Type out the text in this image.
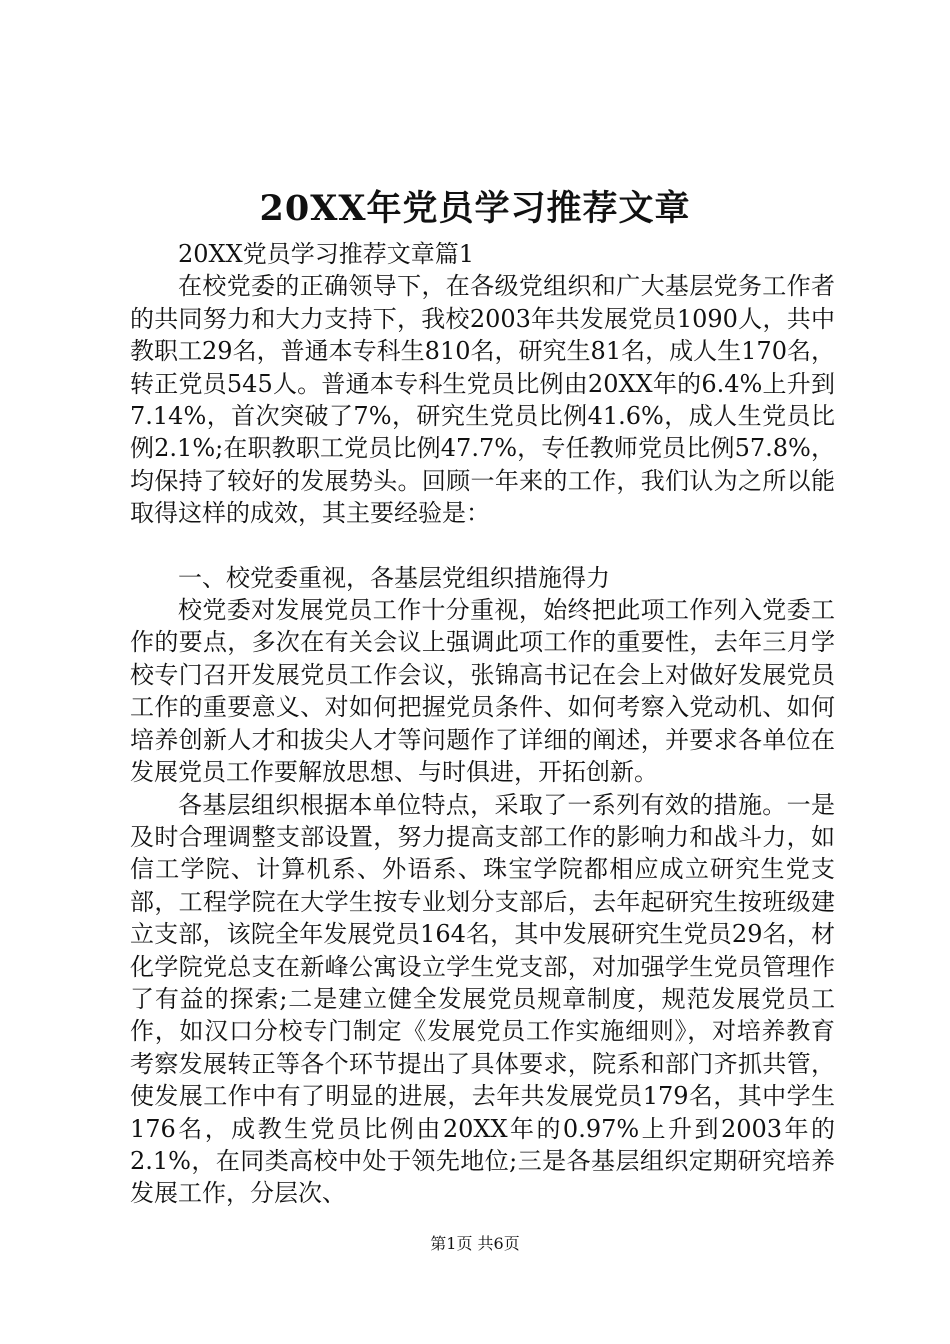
20XX年党员学习推荐文章

20XX党员学习推荐文章篇1

在校党委的正确领导下，在各级党组织和广大基层党务工作者的共同努力和大力支持下，我校2003年共发展党员1090人，共中教职工29名，普通本专科生810名，研究生81名，成人生170名，转正党员545人。普通本专科生党员比例由20XX年的6.4%上升到7.14%，首次突破了7%，研究生党员比例41.6%，成人生党员比例2.1%;在职教职工党员比例47.7%，专任教师党员比例57.8%，均保持了较好的发展势头。回顾一年来的工作，我们认为之所以能取得这样的成效，其主要经验是：

一、校党委重视，各基层党组织措施得力

校党委对发展党员工作十分重视，始终把此项工作列入党委工作的要点，多次在有关会议上强调此项工作的重要性，去年三月学校专门召开发展党员工作会议，张锦高书记在会上对做好发展党员工作的重要意义、对如何把握党员条件、如何考察入党动机、如何培养创新人才和拔尖人才等问题作了详细的阐述，并要求各单位在发展党员工作要解放思想、与时俱进，开拓创新。

各基层组织根据本单位特点，采取了一系列有效的措施。一是及时合理调整支部设置，努力提高支部工作的影响力和战斗力，如信工学院、计算机系、外语系、珠宝学院都相应成立研究生党支部，工程学院在大学生按专业划分支部后，去年起研究生按班级建立支部，该院全年发展党员164名，其中发展研究生党员29名，材化学院党总支在新峰公寓设立学生党支部，对加强学生党员管理作了有益的探索;二是建立健全发展党员规章制度，规范发展党员工作，如汉口分校专门制定《发展党员工作实施细则》，对培养教育考察发展转正等各个环节提出了具体要求，院系和部门齐抓共管，使发展工作中有了明显的进展，去年共发展党员179名，其中学生176名，成教生党员比例由20XX年的0.97%上升到2003年的2.1%，在同类高校中处于领先地位;三是各基层组织定期研究培养发展工作，分层次、

第1页 共6页
